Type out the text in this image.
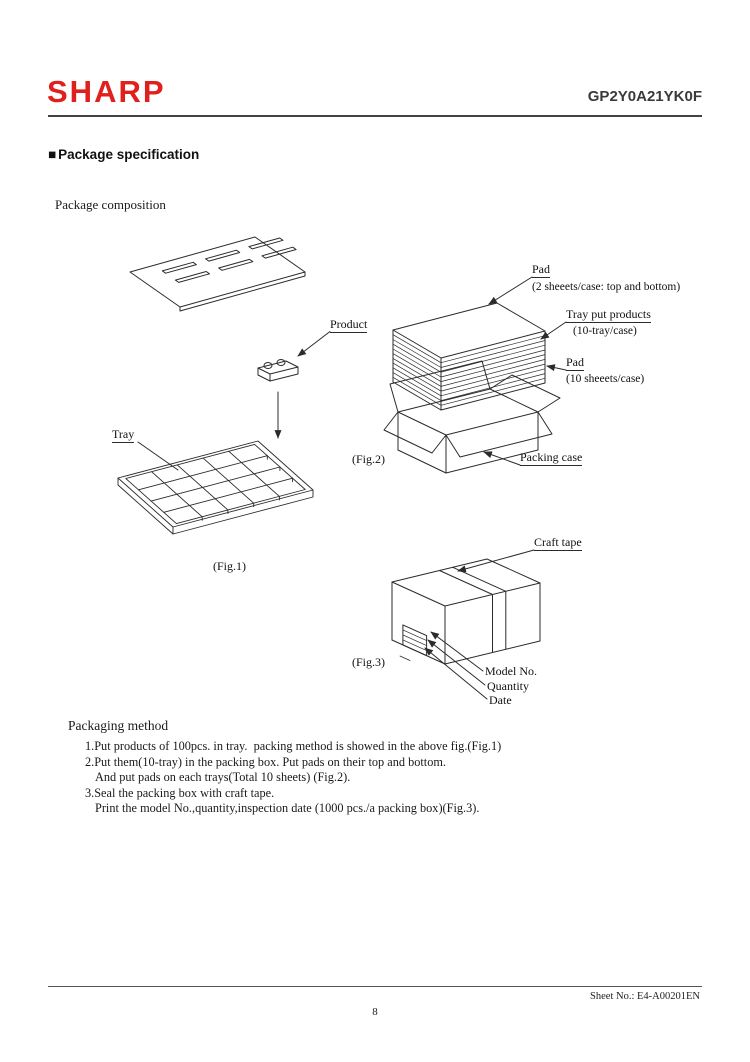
SHARP	GP2Y0A21YK0F
■ Package specification
Package composition
Product
Tray
(Fig.1)
Pad
(2 sheeets/case: top and bottom)
Tray put products
(10-tray/case)
Pad
(10 sheeets/case)
Packing case
(Fig.2)
Craft tape
(Fig.3)
Model No.
Quantity
Date
Packaging method
1.Put products of 100pcs. in tray.  packing method is showed in the above fig.(Fig.1)
2.Put them(10-tray) in the packing box. Put pads on their top and bottom.
And put pads on each trays(Total 10 sheets) (Fig.2).
3.Seal the packing box with craft tape.
Print the model No.,quantity,inspection date (1000 pcs./a packing box)(Fig.3).
Sheet No.: E4-A00201EN
8
